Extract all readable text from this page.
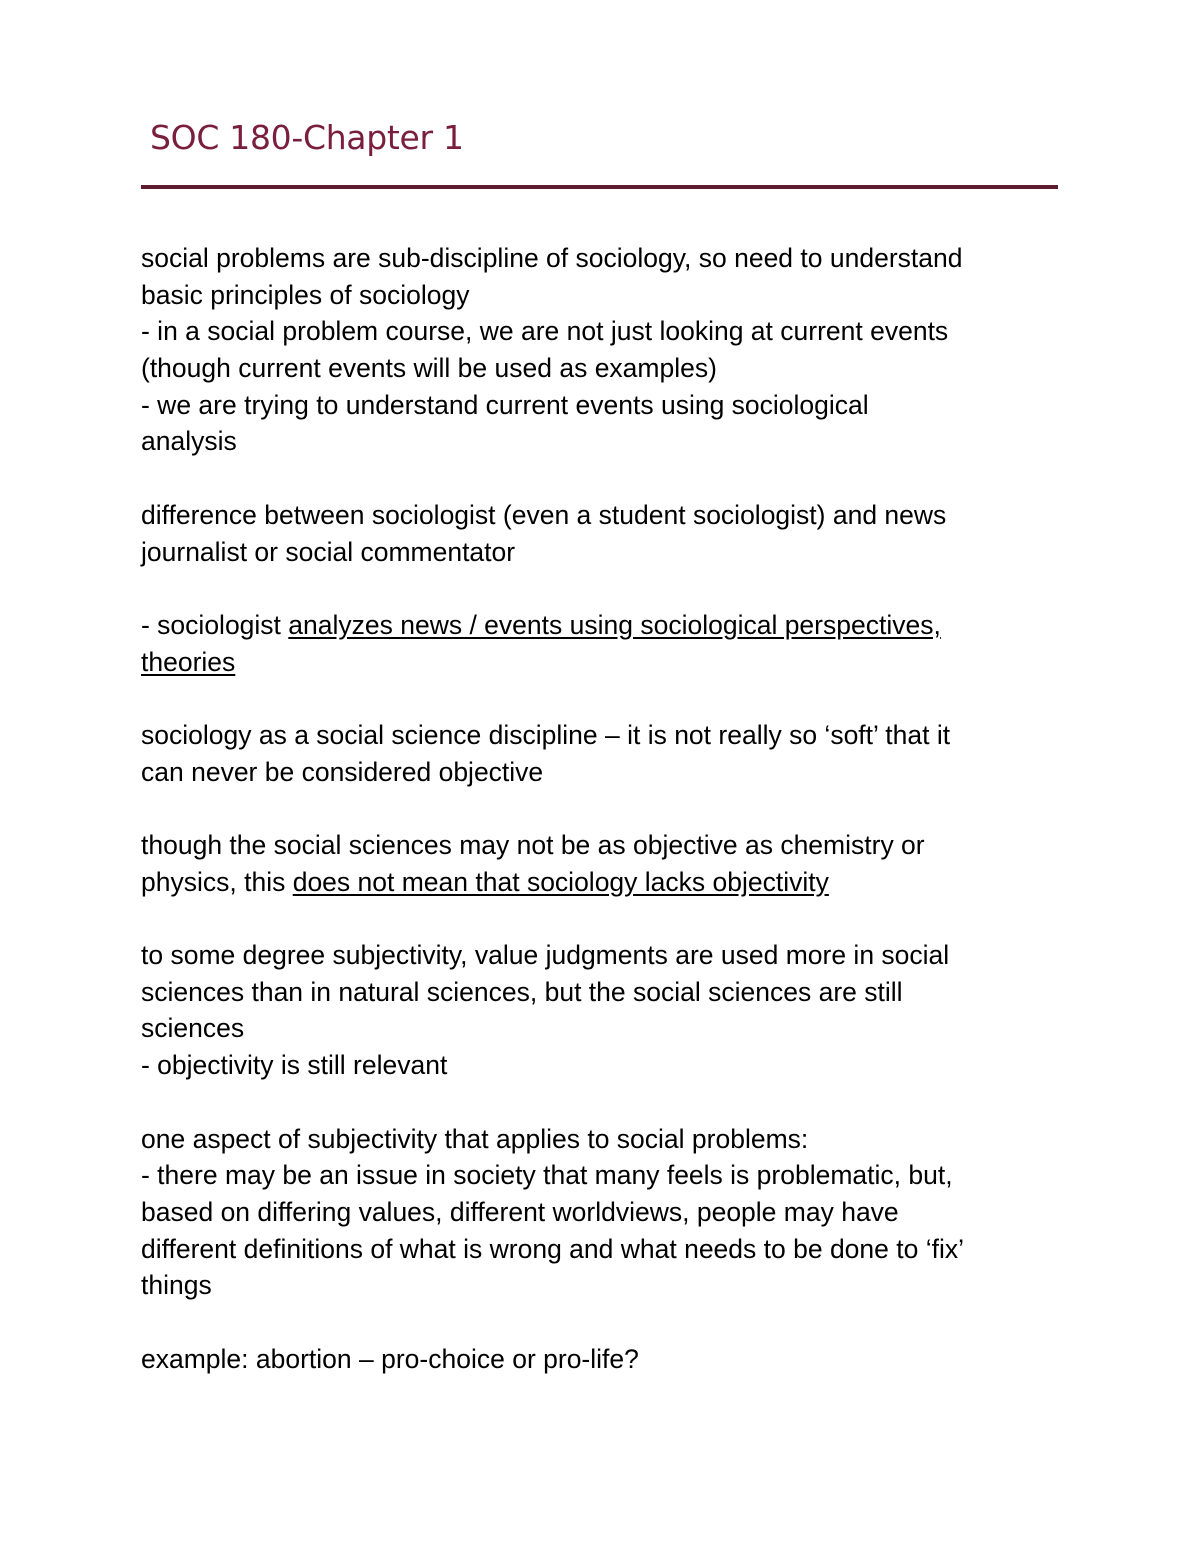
SOC 180-Chapter 1
social problems are sub-discipline of sociology, so need to understand
basic principles of sociology
- in a social problem course, we are not just looking at current events
(though current events will be used as examples)
- we are trying to understand current events using sociological
analysis
difference between sociologist (even a student sociologist) and news
journalist or social commentator
- sociologist analyzes news / events using sociological perspectives,
theories
sociology as a social science discipline – it is not really so ‘soft’ that it
can never be considered objective
though the social sciences may not be as objective as chemistry or
physics, this does not mean that sociology lacks objectivity
to some degree subjectivity, value judgments are used more in social
sciences than in natural sciences, but the social sciences are still
sciences
- objectivity is still relevant
one aspect of subjectivity that applies to social problems:
- there may be an issue in society that many feels is problematic, but,
based on differing values, different worldviews, people may have
different definitions of what is wrong and what needs to be done to ‘fix’
things
example: abortion – pro-choice or pro-life?
